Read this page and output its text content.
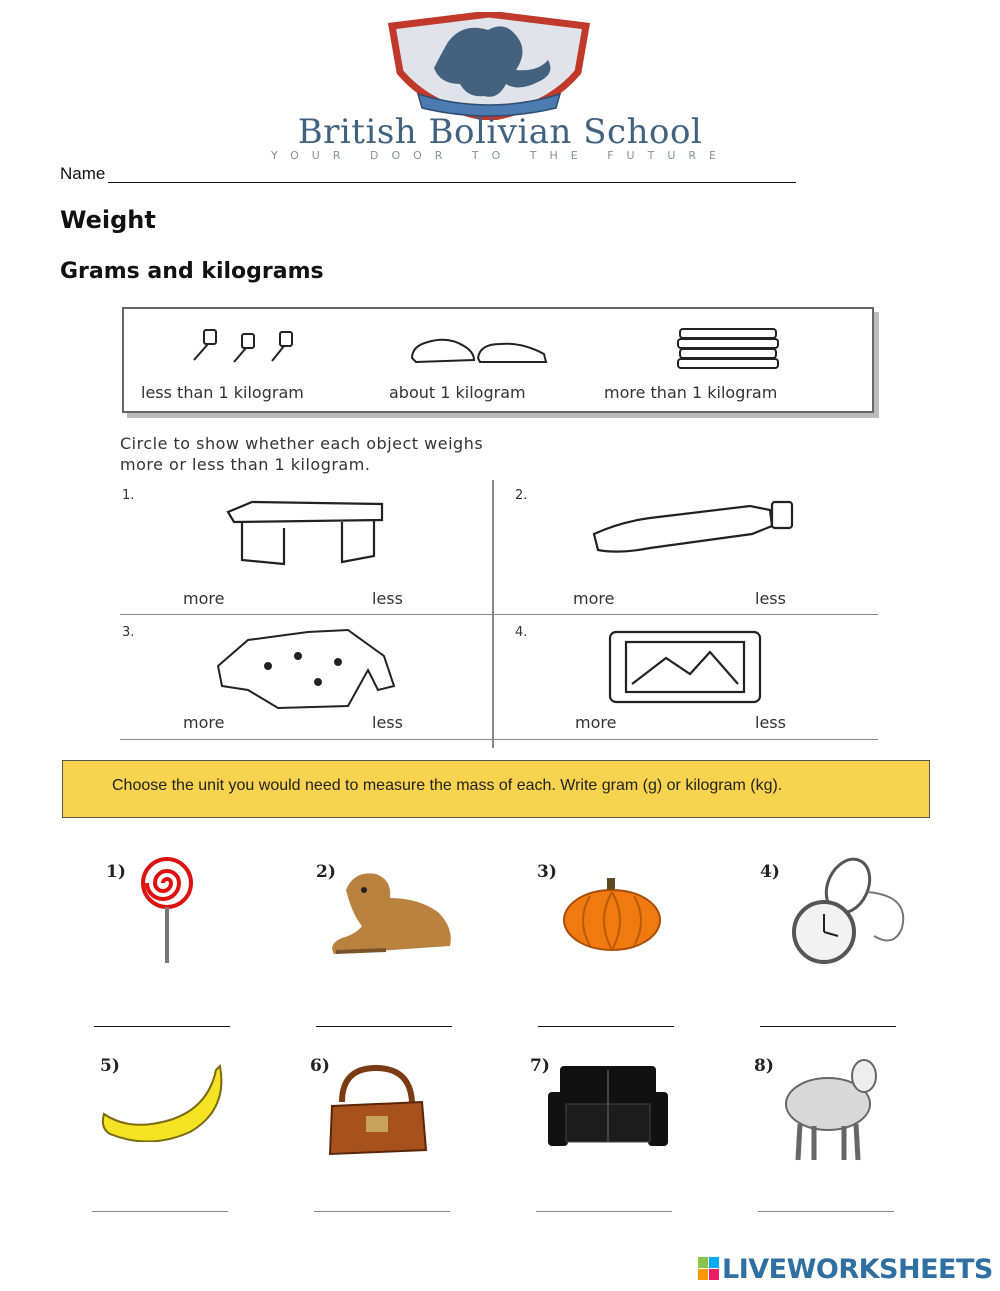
British Bolivian School
YOUR DOOR TO THE FUTURE
Name
Weight
Grams and kilograms
less than 1 kilogram	about 1 kilogram	more than 1 kilogram
Circle to show whether each object weighs
more or less than 1 kilogram.
1.
more	less
2.
more	less
3.
more	less
4.
more	less
Choose the unit you would need to measure the mass of each. Write gram (g) or kilogram (kg).
1)	2)	3)	4)
5)	6)	7)	8)
LIVEWORKSHEETS
